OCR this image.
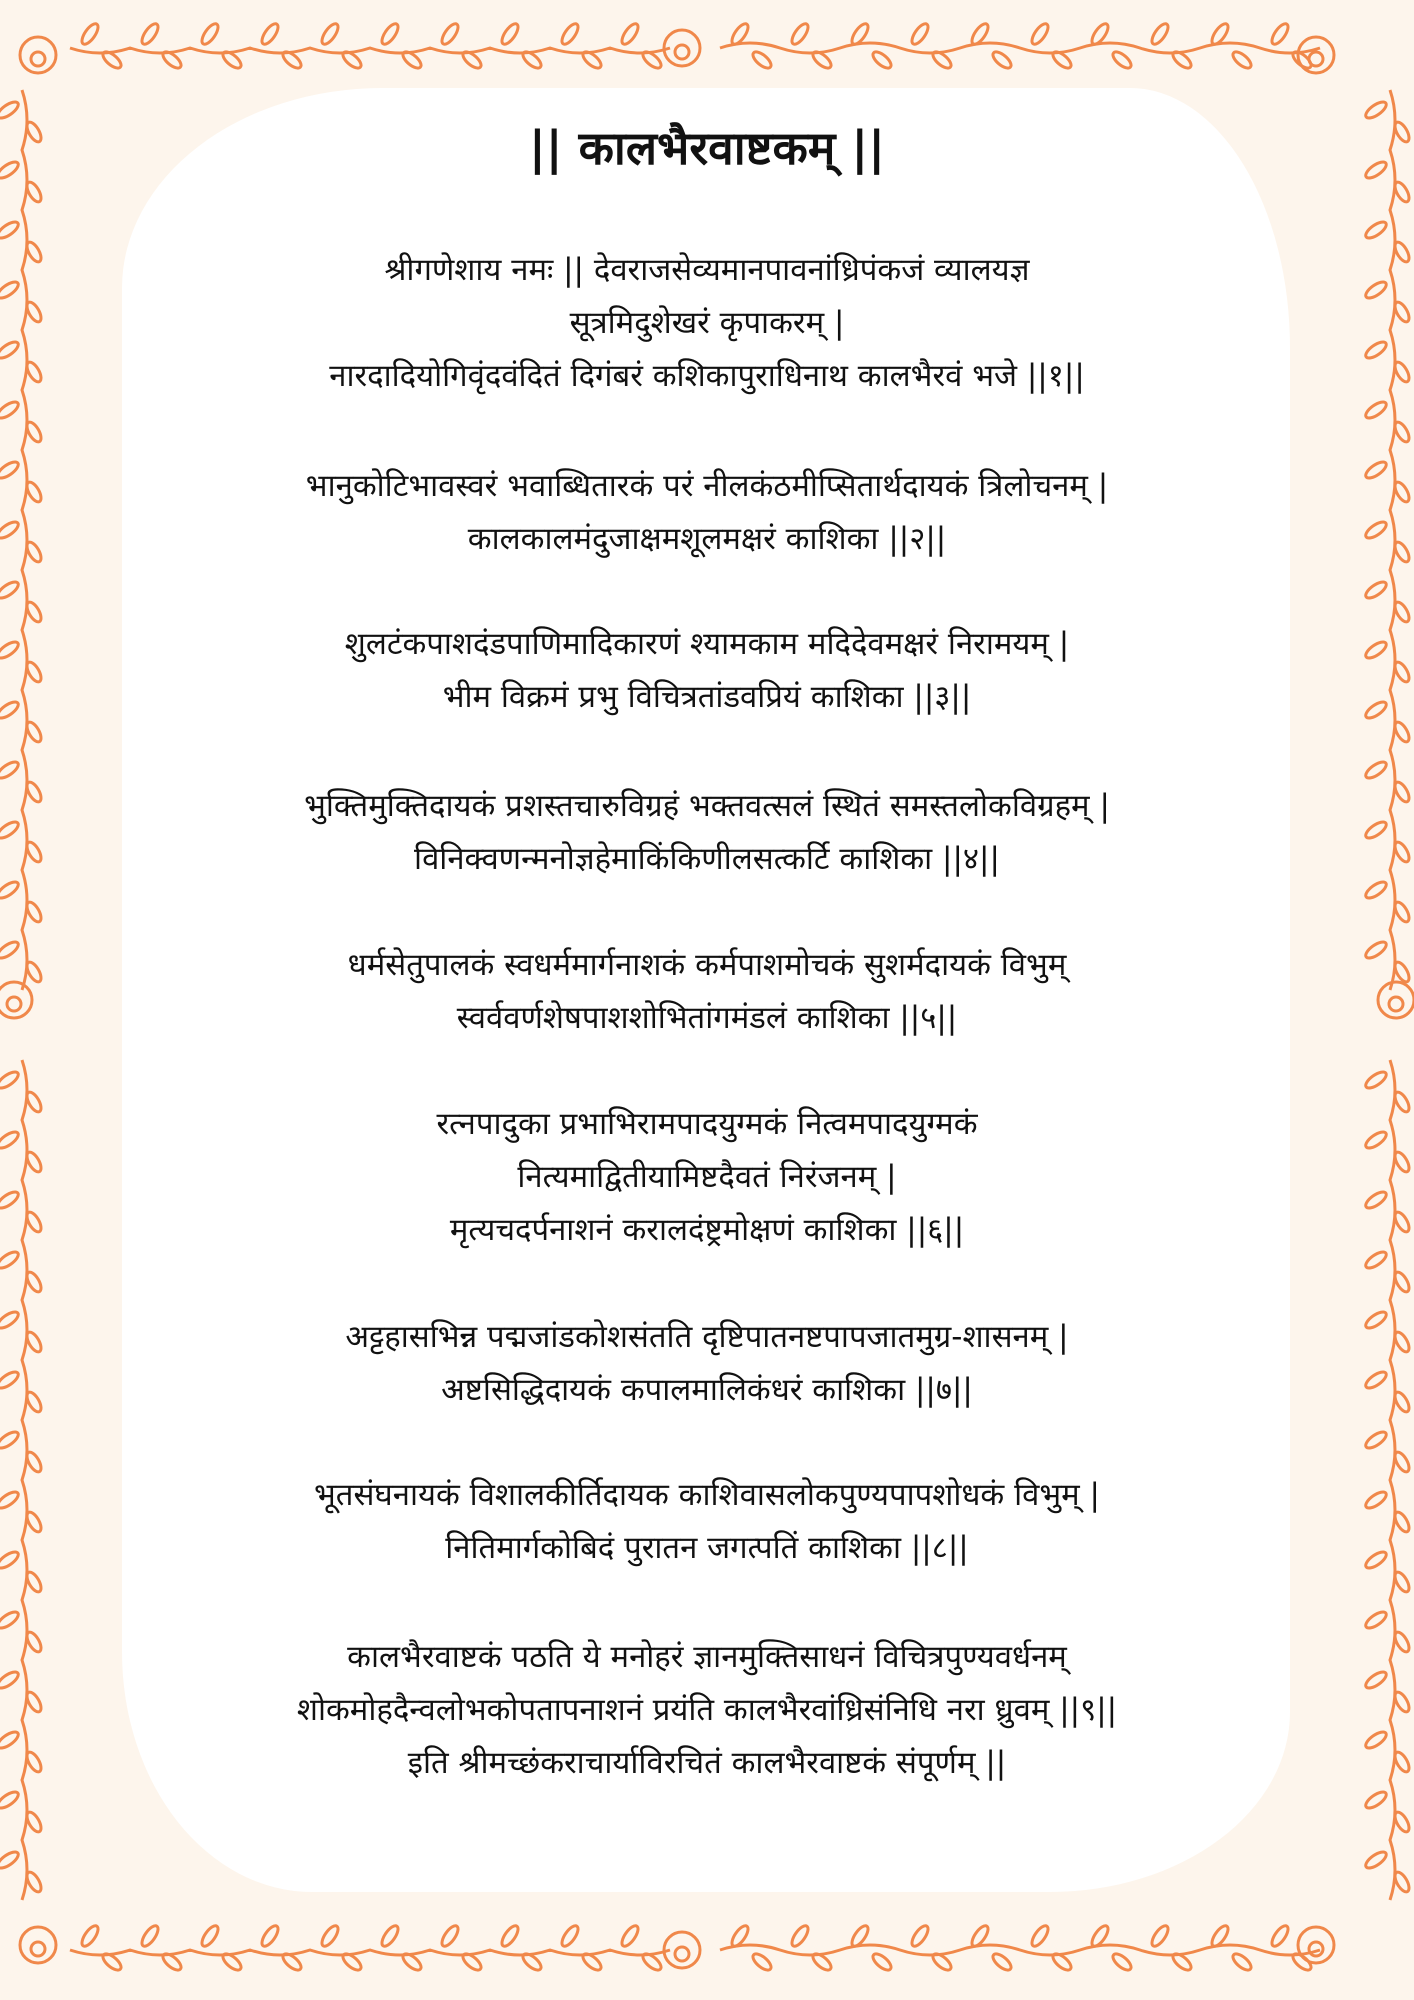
|| कालभैरवाष्टकम् ||
श्रीगणेशाय नमः || देवराजसेव्यमानपावनांध्रिपंकजं व्यालयज्ञ
सूत्रमिदुशेखरं कृपाकरम् |
नारदादियोगिवृंदवंदितं दिगंबरं कशिकापुराधिनाथ कालभैरवं भजे ||१||
भानुकोटिभावस्वरं भवाब्धितारकं परं नीलकंठमीप्सितार्थदायकं त्रिलोचनम् |
कालकालमंदुजाक्षमशूलमक्षरं काशिका ||२||
शुलटंकपाशदंडपाणिमादिकारणं श्यामकाम मदिदेवमक्षरं निरामयम् |
भीम विक्रमं प्रभु विचित्रतांडवप्रियं काशिका ||३||
भुक्तिमुक्तिदायकं प्रशस्तचारुविग्रहं भक्तवत्सलं स्थितं समस्तलोकविग्रहम् |
विनिक्वणन्मनोज्ञहेमाकिंकिणीलसत्कर्टि काशिका ||४||
धर्मसेतुपालकं स्वधर्ममार्गनाशकं कर्मपाशमोचकं सुशर्मदायकं विभुम्
स्वर्ववर्णशेषपाशशोभितांगमंडलं काशिका ||५||
रत्नपादुका प्रभाभिरामपादयुग्मकं नित्वमपादयुग्मकं
नित्यमाद्वितीयामिष्टदैवतं निरंजनम् |
मृत्यचदर्पनाशनं करालदंष्ट्रमोक्षणं काशिका ||६||
अट्टहासभिन्न पद्मजांडकोशसंतति दृष्टिपातनष्टपापजातमुग्र-शासनम् |
अष्टसिद्धिदायकं कपालमालिकंधरं काशिका ||७||
भूतसंघनायकं विशालकीर्तिदायक काशिवासलोकपुण्यपापशोधकं विभुम् |
नितिमार्गकोबिदं पुरातन जगत्पतिं काशिका ||८||
कालभैरवाष्टकं पठति ये मनोहरं ज्ञानमुक्तिसाधनं विचित्रपुण्यवर्धनम्
शोकमोहदैन्वलोभकोपतापनाशनं प्रयंति कालभैरवांध्रिसंनिधि नरा ध्रुवम् ||९||
इति श्रीमच्छंकराचार्याविरचितं कालभैरवाष्टकं संपूर्णम् ||
